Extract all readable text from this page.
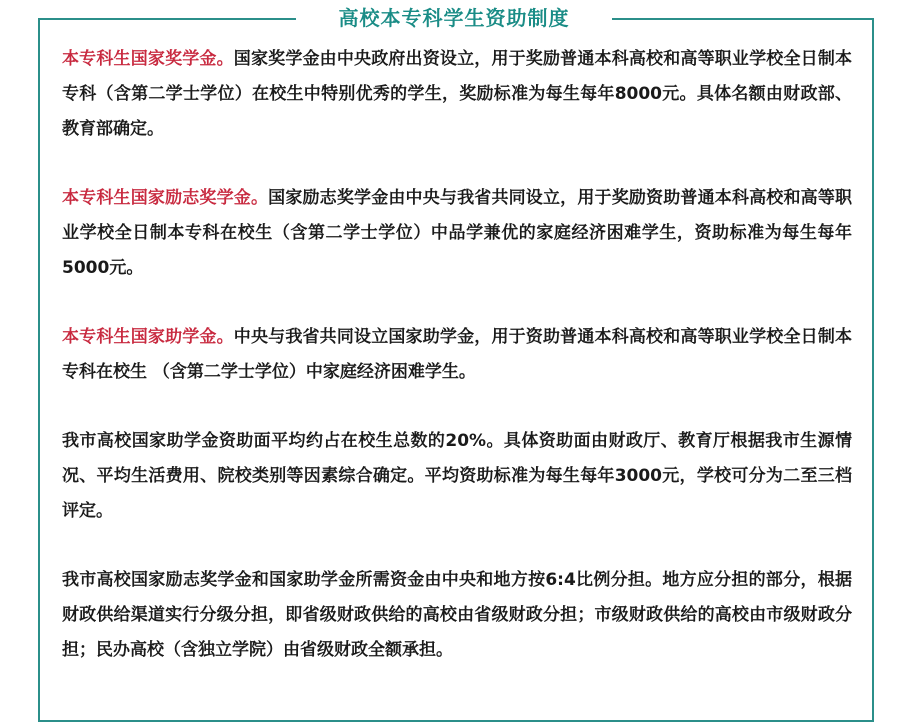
高校本专科学生资助制度

本专科生国家奖学金。国家奖学金由中央政府出资设立，用于奖励普通本科高校和高等职业学校全日制本专科（含第二学士学位）在校生中特别优秀的学生，奖励标准为每生每年8000元。具体名额由财政部、教育部确定。

本专科生国家励志奖学金。国家励志奖学金由中央与我省共同设立，用于奖励资助普通本科高校和高等职业学校全日制本专科在校生（含第二学士学位）中品学兼优的家庭经济困难学生，资助标准为每生每年5000元。

本专科生国家助学金。中央与我省共同设立国家助学金，用于资助普通本科高校和高等职业学校全日制本专科在校生 （含第二学士学位）中家庭经济困难学生。

我市高校国家助学金资助面平均约占在校生总数的20%。具体资助面由财政厅、教育厅根据我市生源情况、平均生活费用、院校类别等因素综合确定。平均资助标准为每生每年3000元，学校可分为二至三档评定。

我市高校国家励志奖学金和国家助学金所需资金由中央和地方按6:4比例分担。地方应分担的部分，根据财政供给渠道实行分级分担，即省级财政供给的高校由省级财政分担；市级财政供给的高校由市级财政分担；民办高校（含独立学院）由省级财政全额承担。
